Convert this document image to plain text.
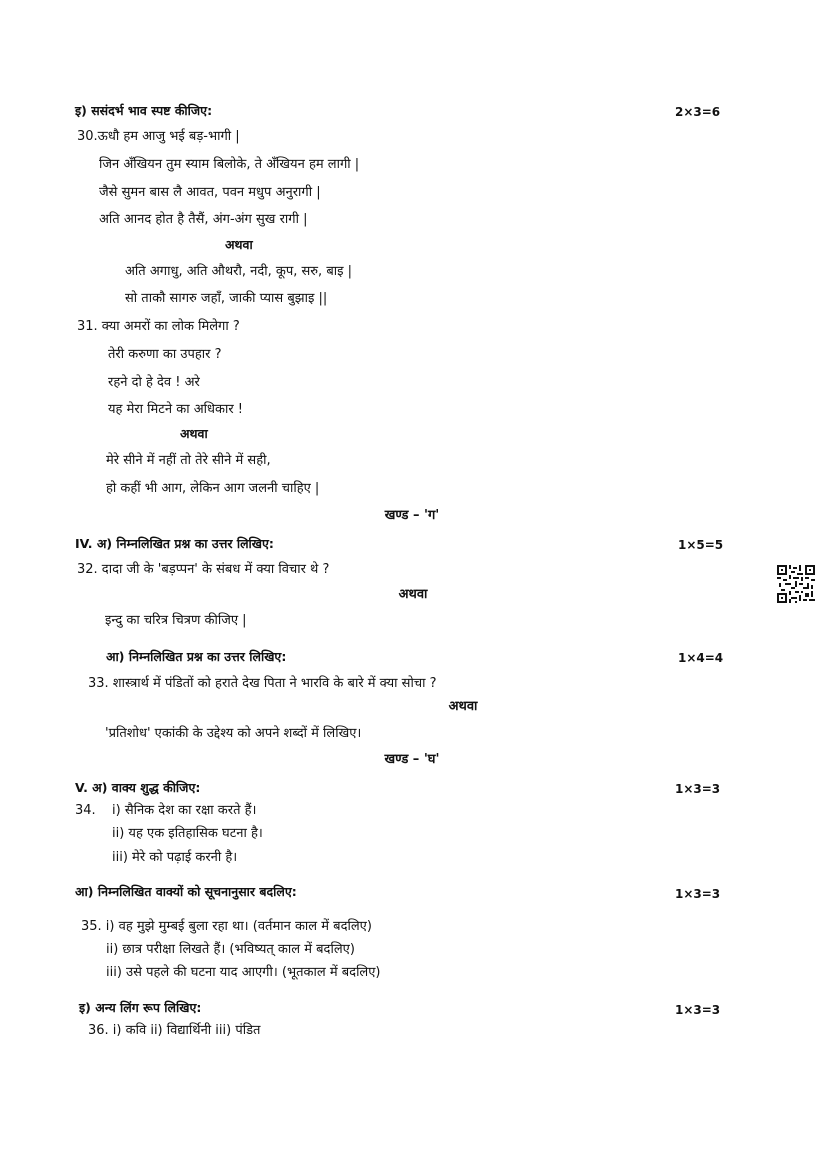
इ) ससंदर्भ भाव स्पष्ट कीजिए:	2×3=6
30.ऊधौ हम आजु भई बड़-भागी |
जिन अँखियन तुम स्याम बिलोके, ते अँखियन हम लागी |
जैसे सुमन बास लै आवत, पवन मधुप अनुरागी |
अति आनद होत है तैसैं, अंग-अंग सुख रागी |
अथवा
अति अगाधु, अति औथरौ, नदी, कूप, सरु, बाइ |
सो ताकौ सागरु जहाँ, जाकी प्यास बुझाइ ||
31. क्या अमरों का लोक मिलेगा ?
तेरी करुणा का उपहार ?
रहने दो हे देव ! अरे
यह मेरा मिटने का अधिकार !
अथवा
मेरे सीने में नहीं तो तेरे सीने में सही,
हो कहीं भी आग, लेकिन आग जलनी चाहिए |
खण्ड – 'ग'
IV. अ) निम्नलिखित प्रश्न का उत्तर लिखिए:	1×5=5
32. दादा जी के 'बड़प्पन' के संबध में क्या विचार थे ?
अथवा
इन्दु का चरित्र चित्रण कीजिए |
आ) निम्नलिखित प्रश्न का उत्तर लिखिए:	1×4=4
33. शास्त्रार्थ में पंडितों को हराते देख पिता ने भारवि के बारे में क्या सोचा ?
अथवा
'प्रतिशोध' एकांकी के उद्देश्य को अपने शब्दों में लिखिए।
खण्ड – 'घ'
V. अ) वाक्य शुद्ध कीजिए:	1×3=3
34. i) सैनिक देश का रक्षा करते हैं।
ii) यह एक इतिहासिक घटना है।
iii) मेरे को पढ़ाई करनी है।
आ) निम्नलिखित वाक्यों को सूचनानुसार बदलिए:	1×3=3
35. i) वह मुझे मुम्बई बुला रहा था। (वर्तमान काल में बदलिए)
ii) छात्र परीक्षा लिखते हैं। (भविष्यत् काल में बदलिए)
iii) उसे पहले की घटना याद आएगी। (भूतकाल में बदलिए)
इ) अन्य लिंग रूप लिखिए:	1×3=3
36. i) कवि ii) विद्यार्थिनी iii) पंडित
